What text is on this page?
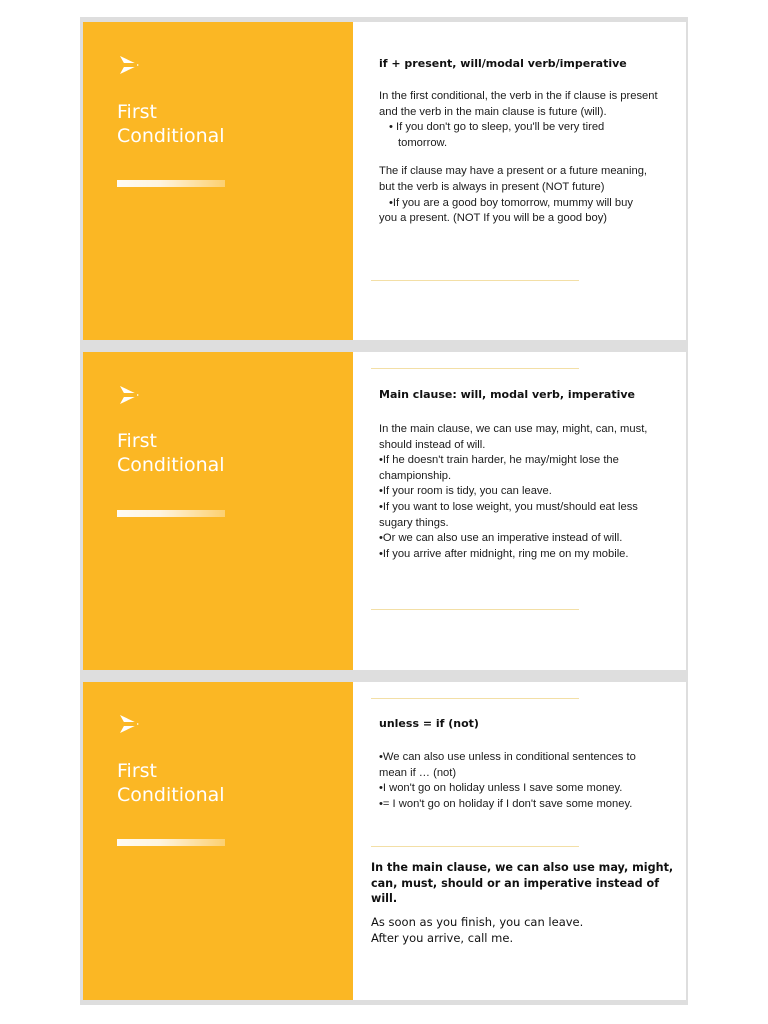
First
Conditional
if + present, will/modal verb/imperative

In the first conditional, the verb in the if clause is present and the verb in the main clause is future (will).

• If you don't go to sleep, you'll be very tired

tomorrow.

The if clause may have a present or a future meaning, but the verb is always in present (NOT future)

•If you are a good boy tomorrow, mummy will buy

you a present. (NOT If you will be a good boy)

First
Conditional
Main clause: will, modal verb, imperative

In the main clause, we can use may, might, can, must,

should instead of will.

•If he doesn't train harder, he may/might lose the

championship.

•If your room is tidy, you can leave.

•If you want to lose weight, you must/should eat less

sugary things.

•Or we can also use an imperative instead of will.

•If you arrive after midnight, ring me on my mobile.

First
Conditional
unless = if (not)

•We can also use unless in conditional sentences to

mean if … (not)

•I won't go on holiday unless I save some money.

•= I won't go on holiday if I don't save some money.

In the main clause, we can also use may, might,
can, must, should or an imperative instead of will.
As soon as you finish, you can leave.
After you arrive, call me.
